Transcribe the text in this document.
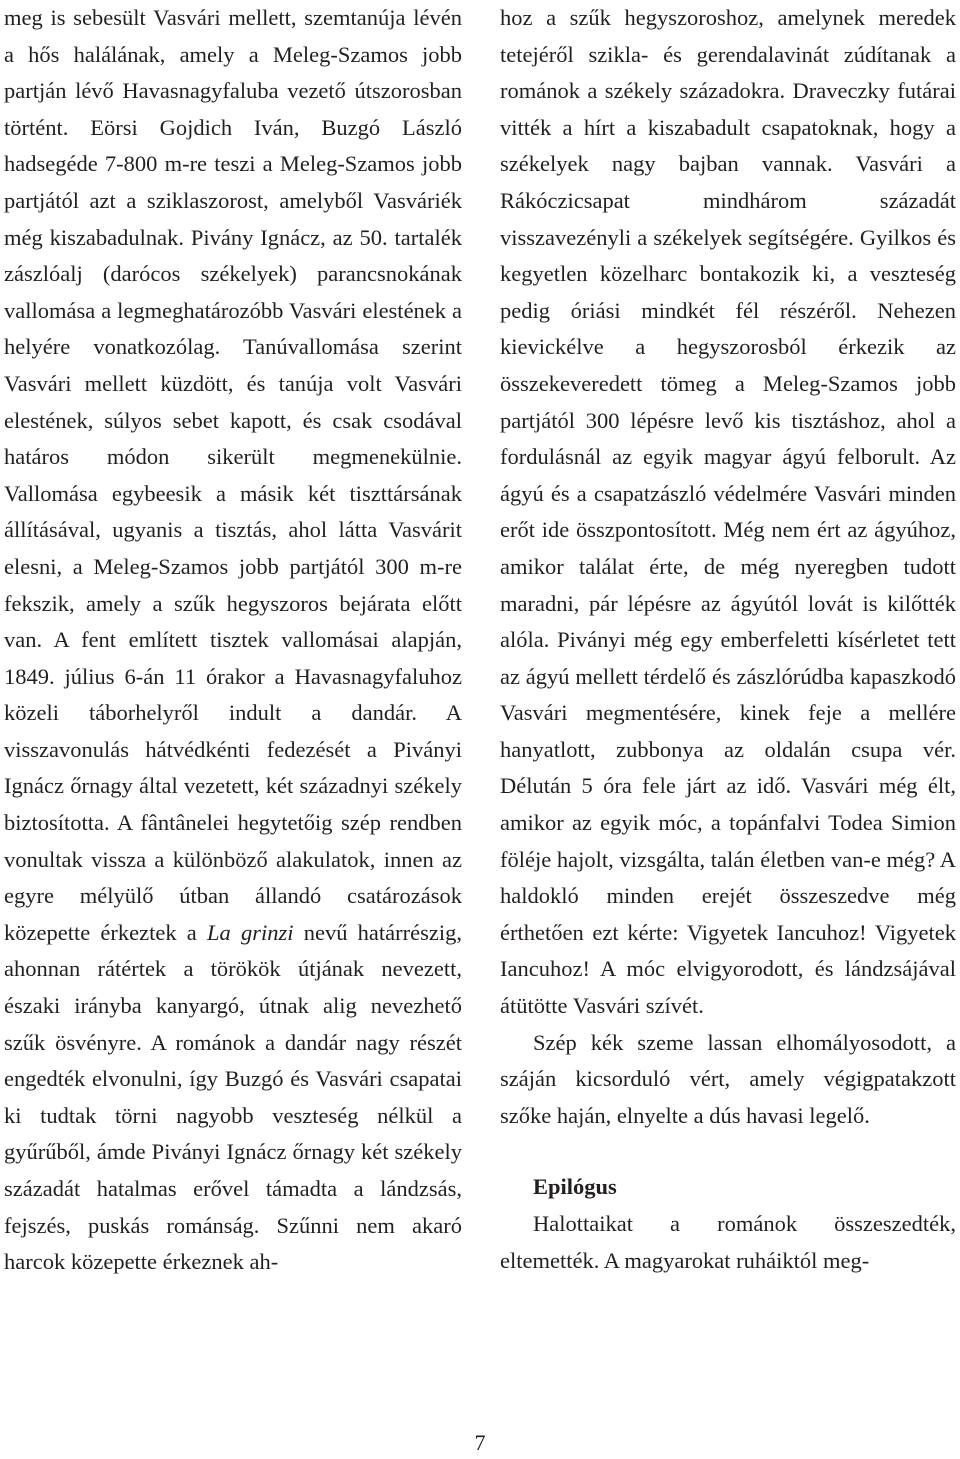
meg is sebesült Vasvári mellett, szemtanúja lévén a hős halálának, amely a Meleg-Szamos jobb partján lévő Havasnagyfaluba vezető útszorosban történt. Eörsi Gojdich Iván, Buzgó László hadsegéde 7-800 m-re teszi a Meleg-Szamos jobb partjától azt a sziklaszorost, amelyből Vasváriék még kiszabadulnak. Pivány Ignácz, az 50. tartalék zászlóalj (darócos székelyek) parancsnokának vallomása a legmeghatározóbb Vasvári elestének a helyére vonatkozólag. Tanúvallomása szerint Vasvári mellett küzdött, és tanúja volt Vasvári elestének, súlyos sebet kapott, és csak csodával határos módon sikerült megmenekülnie. Vallomása egybeesik a másik két tiszttársának állításával, ugyanis a tisztás, ahol látta Vasvárit elesni, a Meleg-Szamos jobb partjától 300 m-re fekszik, amely a szűk hegyszoros bejárata előtt van. A fent említett tisztek vallomásai alapján, 1849. július 6-án 11 órakor a Havasnagyfaluhoz közeli táborhelyről indult a dandár. A visszavonulás hátvédkénti fedezését a Piványi Ignácz őrnagy által vezetett, két századnyi székely biztosította. A fântânelei hegytetőig szép rendben vonultak vissza a különböző alakulatok, innen az egyre mélyülő útban állandó csatározások közepette érkeztek a La grinzi nevű határrészig, ahonnan rátértek a törökök útjának nevezett, északi irányba kanyargó, útnak alig nevezhető szűk ösvényre. A románok a dandár nagy részét engedték elvonulni, így Buzgó és Vasvári csapatai ki tudtak törni nagyobb veszteség nélkül a gyűrűből, ámde Piványi Ignácz őrnagy két székely századát hatalmas erővel támadta a lándzsás, fejszés, puskás románság. Szűnni nem akaró harcok közepette érkeznek ah-

hoz a szűk hegyszoroshoz, amelynek meredek tetejéről szikla- és gerendalavinát zúdítanak a románok a székely századokra. Draveczky futárai vitték a hírt a kiszabadult csapatoknak, hogy a székelyek nagy bajban vannak. Vasvári a Rákóczicsapat mindhárom századát visszavezényli a székelyek segítségére. Gyilkos és kegyetlen közelharc bontakozik ki, a veszteség pedig óriási mindkét fél részéről. Nehezen kievickélve a hegyszorosból érkezik az összekeveredett tömeg a Meleg-Szamos jobb partjától 300 lépésre levő kis tisztáshoz, ahol a fordulásnál az egyik magyar ágyú felborult. Az ágyú és a csapatzászló védelmére Vasvári minden erőt ide összpontosított. Még nem ért az ágyúhoz, amikor találat érte, de még nyeregben tudott maradni, pár lépésre az ágyútól lovát is kilőtték alóla. Piványi még egy emberfeletti kísérletet tett az ágyú mellett térdelő és zászlórúdba kapaszkodó Vasvári megmentésére, kinek feje a mellére hanyatlott, zubbonya az oldalán csupa vér. Délután 5 óra fele járt az idő. Vasvári még élt, amikor az egyik móc, a topánfalvi Todea Simion föléje hajolt, vizsgálta, talán életben van-e még? A haldokló minden erejét összeszedve még érthetően ezt kérte: Vigyetek Iancuhoz! Vigyetek Iancuhoz! A móc elvigyorodott, és lándzsájával átütötte Vasvári szívét.

Szép kék szeme lassan elhomályosodott, a száján kicsorduló vért, amely végigpatakzott szőke haján, elnyelte a dús havasi legelő.

Epilógus

Halottaikat a románok összeszedték, eltemették. A magyarokat ruháiktól meg-

7
